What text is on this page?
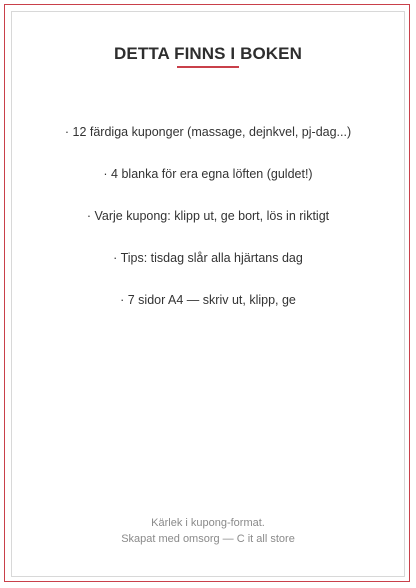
DETTA FINNS I BOKEN
· 12 färdiga kuponger (massage, dejnkvel, pj-dag...)
· 4 blanka för era egna löften (guldet!)
· Varje kupong: klipp ut, ge bort, lös in riktigt
· Tips: tisdag slår alla hjärtans dag
· 7 sidor A4 — skriv ut, klipp, ge
Kärlek i kupong-format.
Skapat med omsorg — C it all store
